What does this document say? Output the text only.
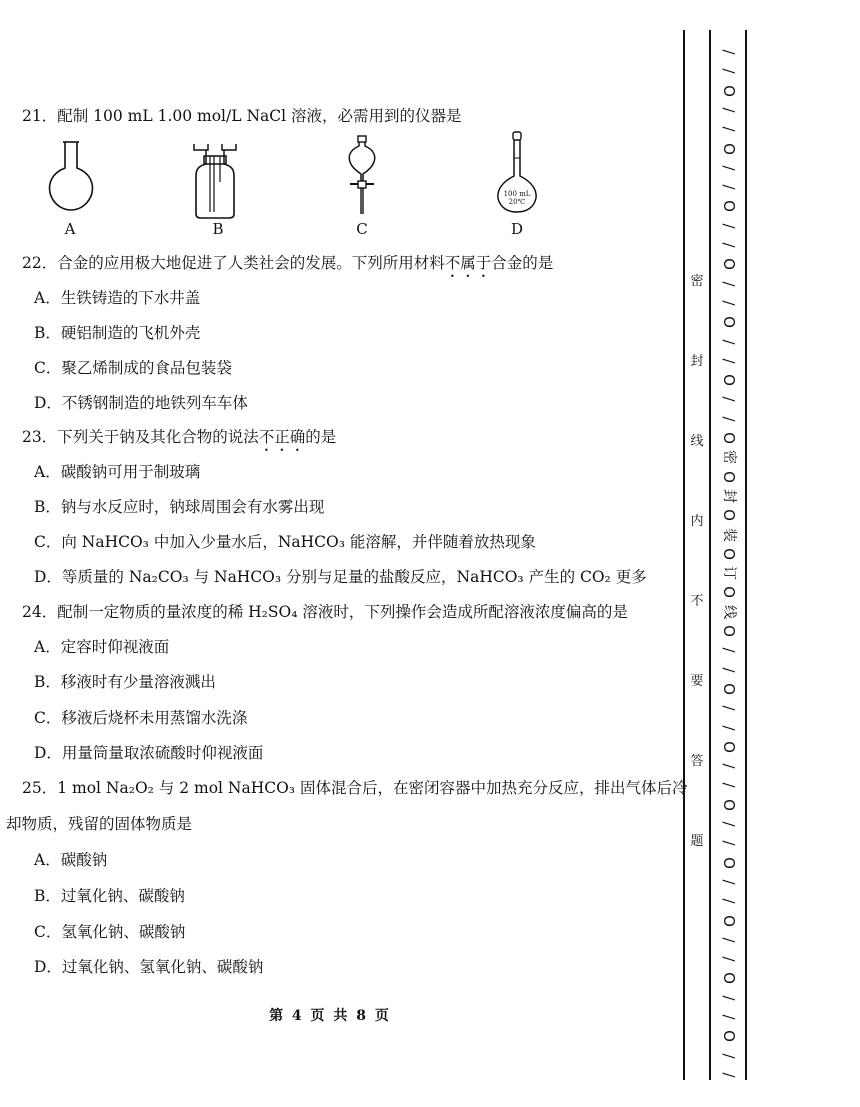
21．配制 100 mL 1.00 mol/L NaCl 溶液，必需用到的仪器是
A	B	C
100 mL
20℃
D
22．合金的应用极大地促进了人类社会的发展。下列所用材料不属于合金的是
A．生铁铸造的下水井盖
B．硬铝制造的飞机外壳
C．聚乙烯制成的食品包装袋
D．不锈钢制造的地铁列车车体
23．下列关于钠及其化合物的说法不正确的是
A．碳酸钠可用于制玻璃
B．钠与水反应时，钠球周围会有水雾出现
C．向 NaHCO₃ 中加入少量水后，NaHCO₃ 能溶解，并伴随着放热现象
D．等质量的 Na₂CO₃ 与 NaHCO₃ 分别与足量的盐酸反应，NaHCO₃ 产生的 CO₂ 更多
24．配制一定物质的量浓度的稀 H₂SO₄ 溶液时，下列操作会造成所配溶液浓度偏高的是
A．定容时仰视液面
B．移液时有少量溶液溅出
C．移液后烧杯未用蒸馏水洗涤
D．用量筒量取浓硫酸时仰视液面
25．1 mol Na₂O₂ 与 2 mol NaHCO₃ 固体混合后，在密闭容器中加热充分反应，排出气体后冷
却物质，残留的固体物质是
A．碳酸钠
B．过氧化钠、碳酸钠
C．氢氧化钠、碳酸钠
D．过氧化钠、氢氧化钠、碳酸钠
第 4 页 共 8 页
密
封
线
内
不
要
答
题
/
/
O
/
/
O
/
/
O
/
/
O
/
/
O
/
/
O
/
/
O
密
O
封
O
装
O
订
O
线
O
/
/
O
/
/
O
/
/
O
/
/
O
/
/
O
/
/
O
/
/
O
/
/
